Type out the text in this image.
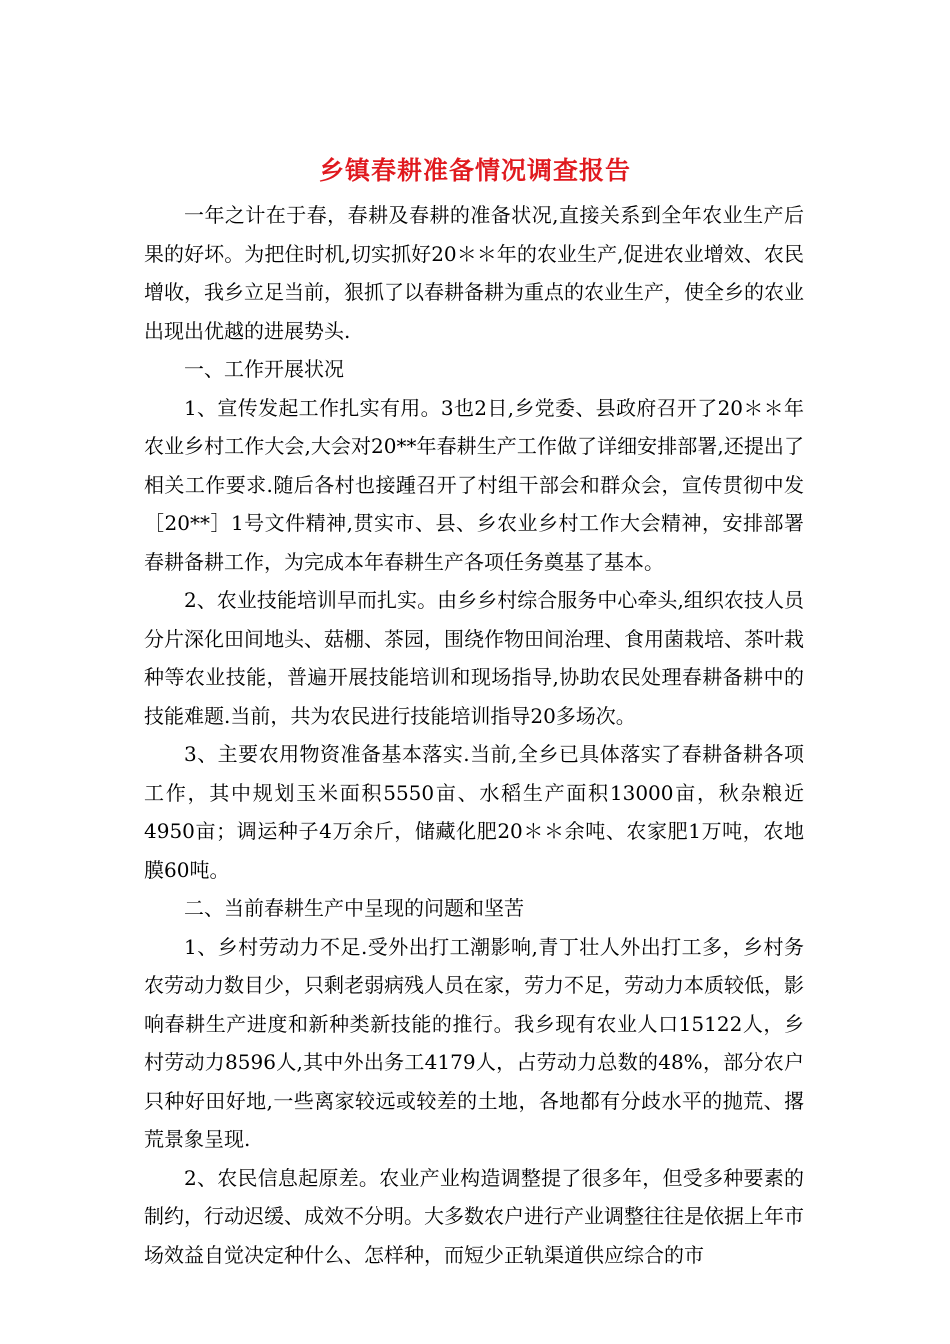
乡镇春耕准备情况调查报告

一年之计在于春，春耕及春耕的准备状况,直接关系到全年农业生产后果的好坏。为把住时机,切实抓好20＊＊年的农业生产,促进农业增效、农民增收，我乡立足当前，狠抓了以春耕备耕为重点的农业生产，使全乡的农业出现出优越的进展势头.

一、工作开展状况

1、宣传发起工作扎实有用。3也2日,乡党委、县政府召开了20＊＊年农业乡村工作大会,大会对20**年春耕生产工作做了详细安排部署,还提出了相关工作要求.随后各村也接踵召开了村组干部会和群众会，宣传贯彻中发［20**］1号文件精神,贯实市、县、乡农业乡村工作大会精神，安排部署春耕备耕工作，为完成本年春耕生产各项任务奠基了基本。

2、农业技能培训早而扎实。由乡乡村综合服务中心牵头,组织农技人员分片深化田间地头、菇棚、茶园，围绕作物田间治理、食用菌栽培、茶叶栽种等农业技能，普遍开展技能培训和现场指导,协助农民处理春耕备耕中的技能难题.当前，共为农民进行技能培训指导20多场次。

3、主要农用物资准备基本落实.当前,全乡已具体落实了春耕备耕各项工作，其中规划玉米面积5550亩、水稻生产面积13000亩，秋杂粮近4950亩；调运种子4万余斤，储藏化肥20＊＊余吨、农家肥1万吨，农地膜60吨。

二、当前春耕生产中呈现的问题和坚苦

1、乡村劳动力不足.受外出打工潮影响,青丁壮人外出打工多，乡村务农劳动力数目少，只剩老弱病残人员在家，劳力不足，劳动力本质较低，影响春耕生产进度和新种类新技能的推行。我乡现有农业人口15122人，乡村劳动力8596人,其中外出务工4179人，占劳动力总数的48%，部分农户只种好田好地,一些离家较远或较差的土地，各地都有分歧水平的抛荒、撂荒景象呈现.

2、农民信息起原差。农业产业构造调整提了很多年，但受多种要素的制约，行动迟缓、成效不分明。大多数农户进行产业调整往往是依据上年市场效益自觉决定种什么、怎样种，而短少正轨渠道供应综合的市
